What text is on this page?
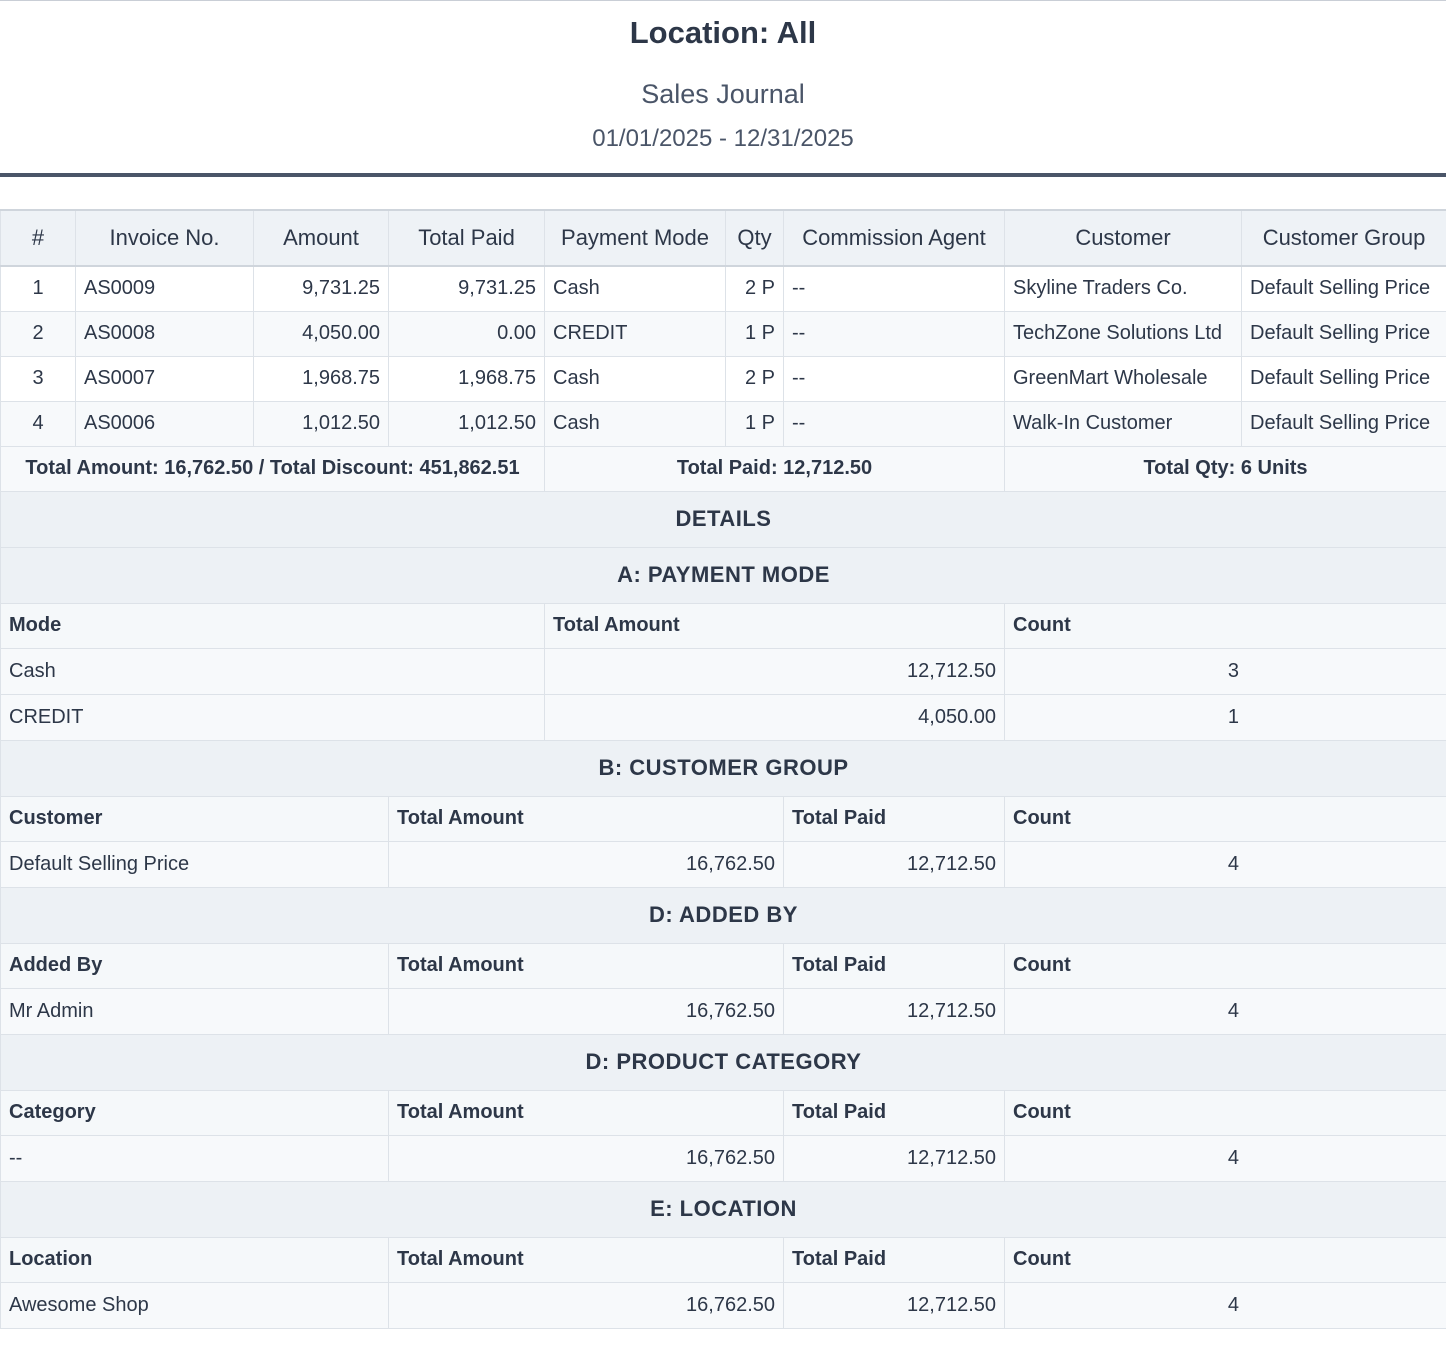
Location: All
Sales Journal
01/01/2025 - 12/31/2025
#	Invoice No.	Amount	Total Paid	Payment Mode	Qty	Commission Agent	Customer	Customer Group
1	AS0009	9,731.25	9,731.25	Cash	2 P	--	Skyline Traders Co.	Default Selling Price
2	AS0008	4,050.00	0.00	CREDIT	1 P	--	TechZone Solutions Ltd	Default Selling Price
3	AS0007	1,968.75	1,968.75	Cash	2 P	--	GreenMart Wholesale	Default Selling Price
4	AS0006	1,012.50	1,012.50	Cash	1 P	--	Walk-In Customer	Default Selling Price
Total Amount: 16,762.50 / Total Discount: 451,862.51				Total Paid: 12,712.50			Total Qty: 6 Units	
DETAILS								
A: PAYMENT MODE								
Mode				Total Amount			Count	
Cash				12,712.50			3	
CREDIT				4,050.00			1	
B: CUSTOMER GROUP								
Customer			Total Amount			Total Paid	Count	
Default Selling Price			16,762.50			12,712.50	4	
D: ADDED BY								
Added By			Total Amount			Total Paid	Count	
Mr Admin			16,762.50			12,712.50	4	
D: PRODUCT CATEGORY								
Category			Total Amount			Total Paid	Count	
--			16,762.50			12,712.50	4	
E: LOCATION								
Location			Total Amount			Total Paid	Count	
Awesome Shop			16,762.50			12,712.50	4	
